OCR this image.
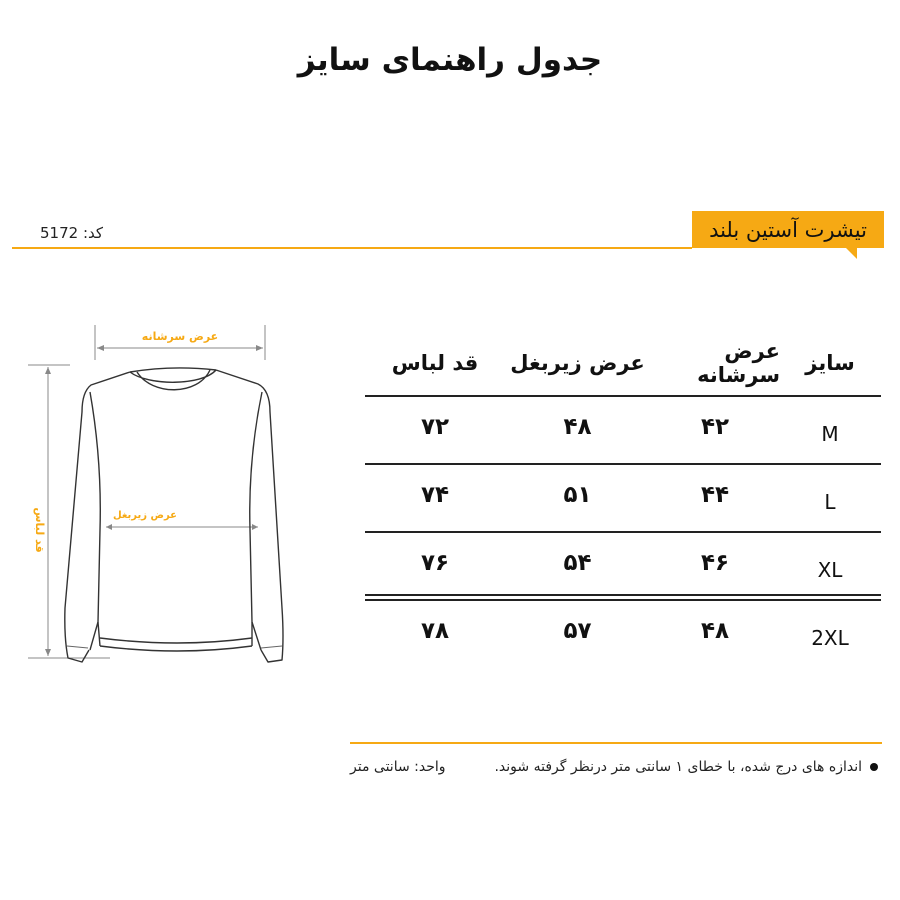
جدول راهنمای سایز
کد: 5172	تیشرت آستین بلند
عرض سرشانه
عرض زیربغل
قد لباس
سایز
عرض سرشانه
عرض زیربغل
قد لباس
M
۴۲
۴۸
۷۲
L
۴۴
۵۱
۷۴
XL
۴۶
۵۴
۷۶
2XL
۴۸
۵۷
۷۸
اندازه های درج شده، با خطای ۱ سانتی متر درنظر گرفته شوند.
واحد: سانتی متر
